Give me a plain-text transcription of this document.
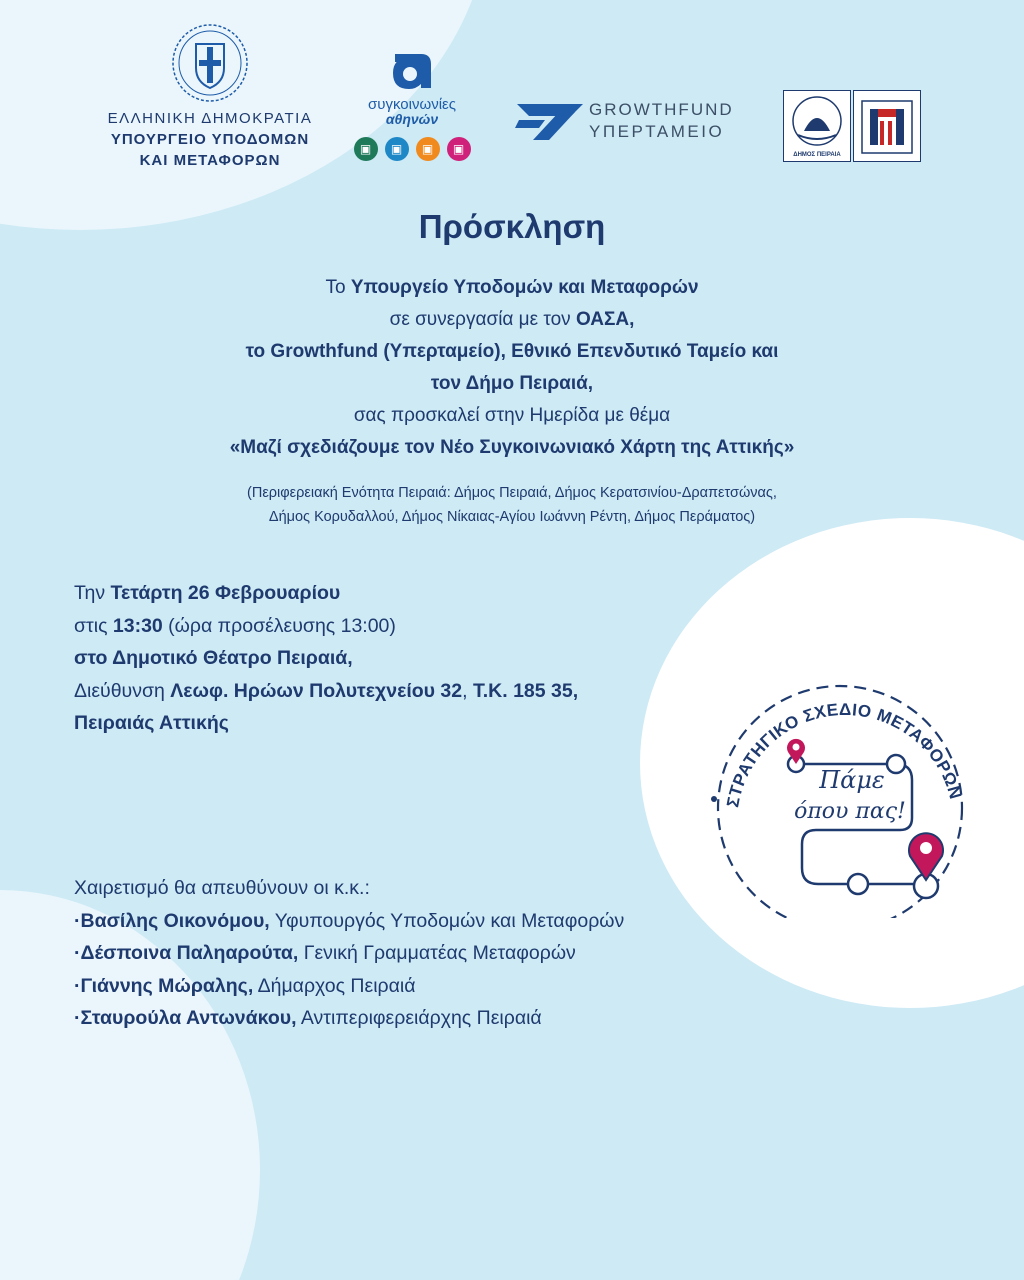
ΕΛΛΗΝΙΚΗ ΔΗΜΟΚΡΑΤΙΑ
ΥΠΟΥΡΓΕΙΟ ΥΠΟΔΟΜΩΝ
ΚΑΙ ΜΕΤΑΦΟΡΩΝ
συγκοινωνίες
αθηνών
▣	▣	▣	▣
GROWTHFUND
ΥΠΕΡΤΑΜΕΙΟ
ΔΗΜΟΣ ΠΕΙΡΑΙΑ
Πρόσκληση
Το Υπουργείο Υποδομών και Μεταφορών
σε συνεργασία με τον ΟΑΣΑ,
το Growthfund (Υπερταμείο), Εθνικό Επενδυτικό Ταμείο και
τον Δήμο Πειραιά,
σας προσκαλεί στην Ημερίδα με θέμα
«Μαζί σχεδιάζουμε τον Νέο Συγκοινωνιακό Χάρτη της Αττικής»
(Περιφερειακή Ενότητα Πειραιά: Δήμος Πειραιά, Δήμος Κερατσινίου-Δραπετσώνας,
Δήμος Κορυδαλλού, Δήμος Νίκαιας-Αγίου Ιωάννη Ρέντη, Δήμος Περάματος)
Την Τετάρτη 26 Φεβρουαρίου
στις 13:30 (ώρα προσέλευσης 13:00)
στο Δημοτικό Θέατρο Πειραιά,
Διεύθυνση Λεωφ. Ηρώων Πολυτεχνείου 32, Τ.Κ. 185 35,
Πειραιάς Αττικής
Χαιρετισμό θα απευθύνουν οι κ.κ.:
·Βασίλης Οικονόμου, Υφυπουργός Υποδομών και Μεταφορών
·Δέσποινα Παληαρούτα, Γενική Γραμματέας Μεταφορών
·Γιάννης Μώραλης, Δήμαρχος Πειραιά
·Σταυρούλα Αντωνάκου, Αντιπεριφερειάρχης Πειραιά
ΣΤΡΑΤΗΓΙΚΟ ΣΧΕΔΙΟ ΜΕΤΑΦΟΡΩΝ
Πάμε
όπου πας!
